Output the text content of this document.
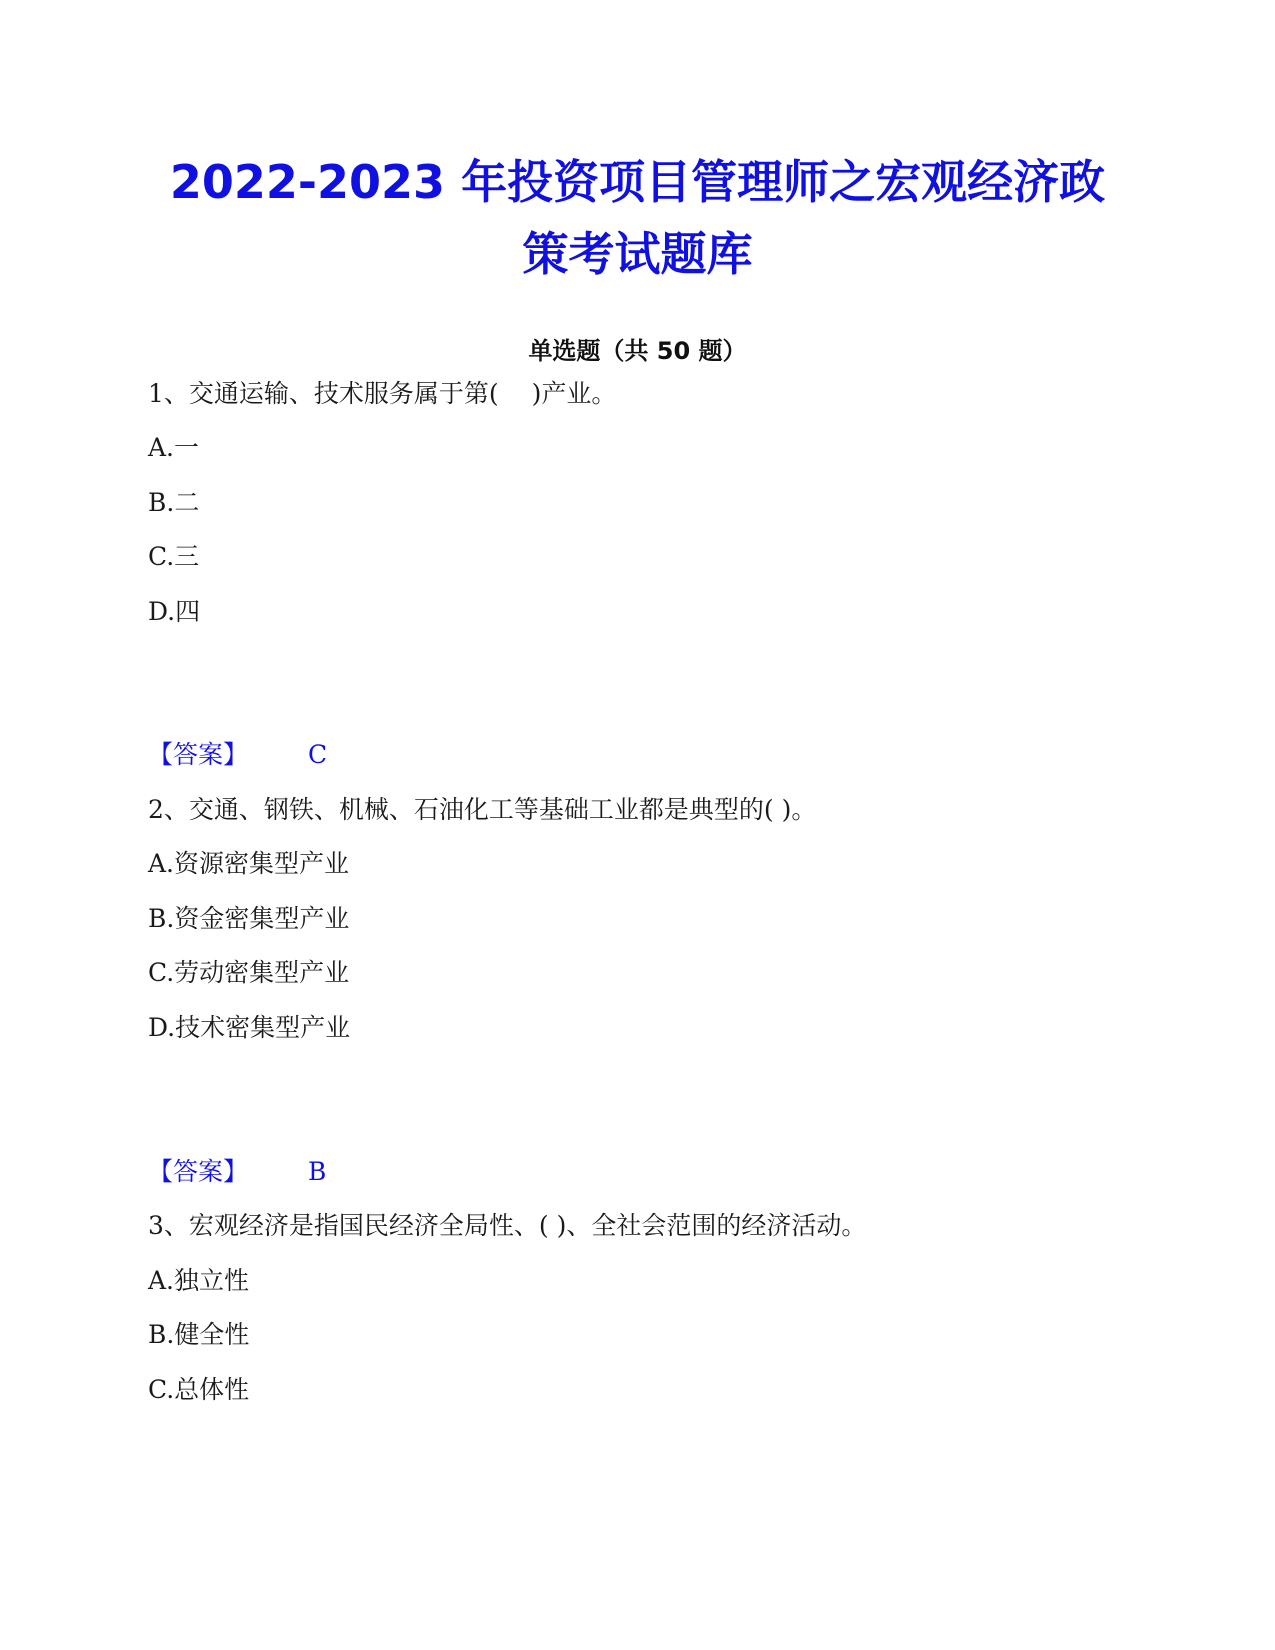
2022-2023 年投资项目管理师之宏观经济政
策考试题库
单选题（共 50 题）
1、交通运输、技术服务属于第(　 )产业。
A.一
B.二
C.三
D.四
【答案】 C
2、交通、钢铁、机械、石油化工等基础工业都是典型的( )。
A.资源密集型产业
B.资金密集型产业
C.劳动密集型产业
D.技术密集型产业
【答案】 B
3、宏观经济是指国民经济全局性、( )、全社会范围的经济活动。
A.独立性
B.健全性
C.总体性
